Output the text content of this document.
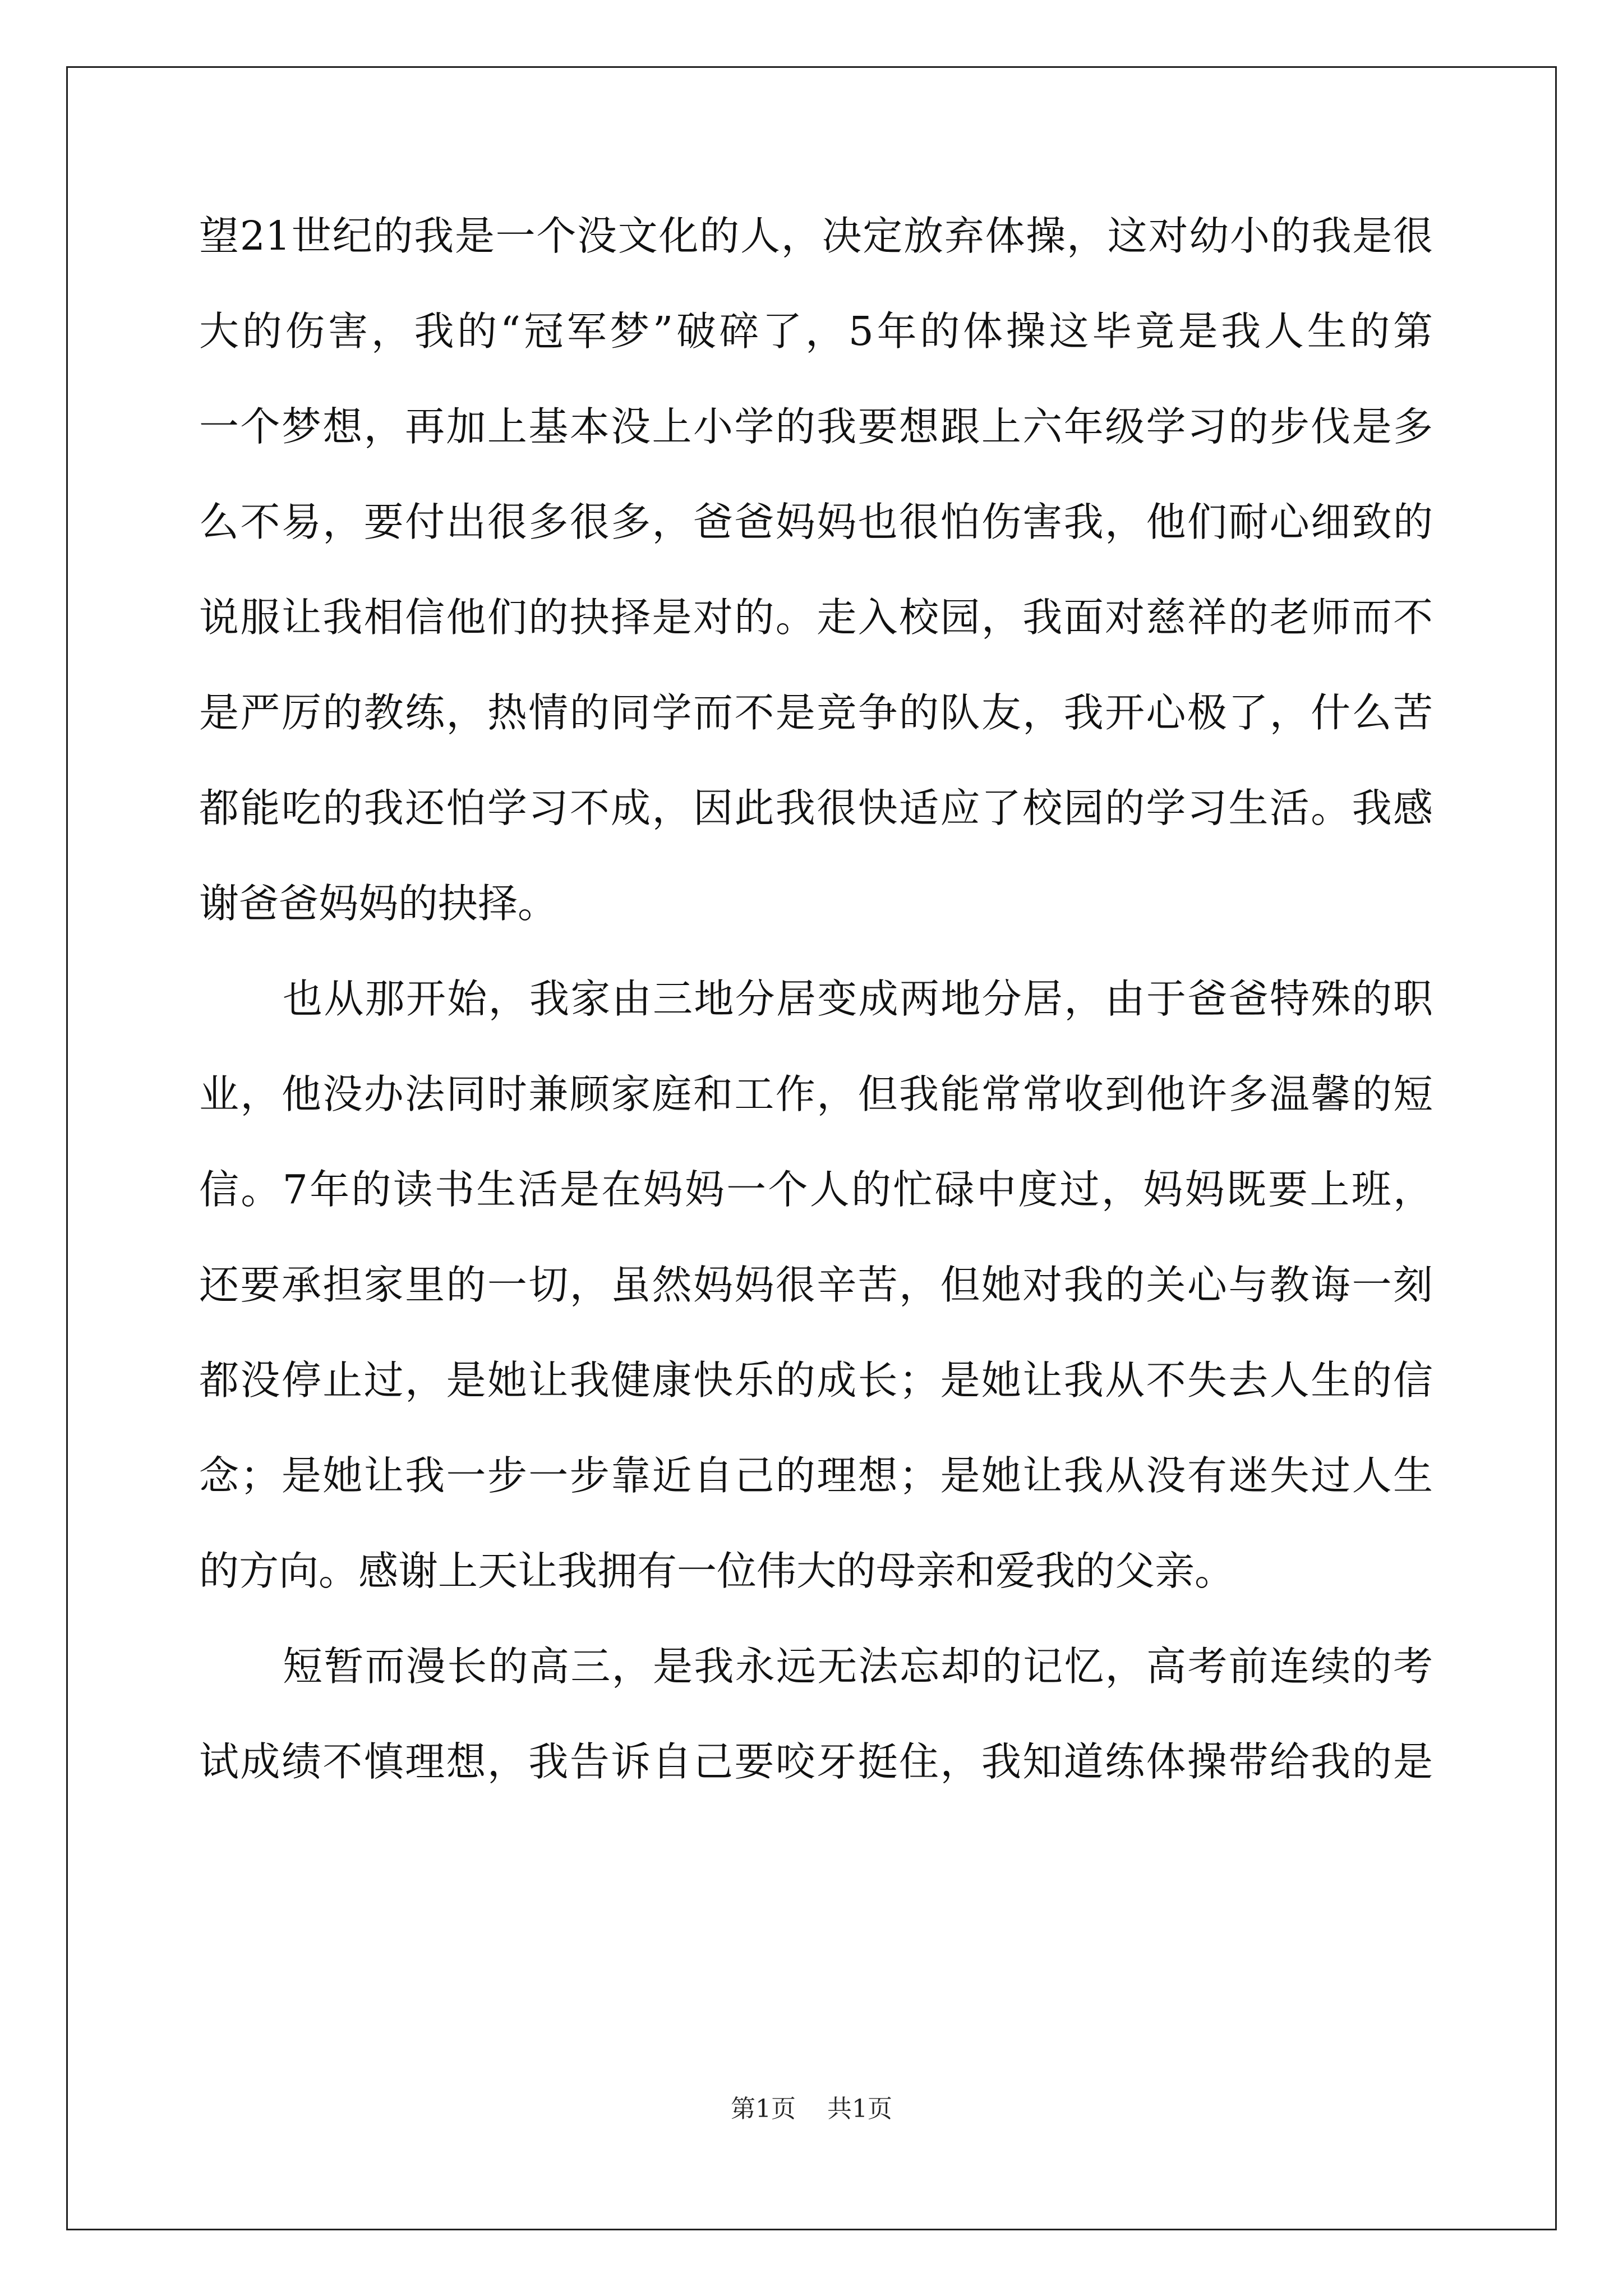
望21世纪的我是一个没文化的人，决定放弃体操，这对幼小的我是很
大的伤害，我的“冠军梦”破碎了，5年的体操这毕竟是我人生的第
一个梦想，再加上基本没上小学的我要想跟上六年级学习的步伐是多
么不易，要付出很多很多，爸爸妈妈也很怕伤害我，他们耐心细致的
说服让我相信他们的抉择是对的。走入校园，我面对慈祥的老师而不
是严厉的教练，热情的同学而不是竞争的队友，我开心极了，什么苦
都能吃的我还怕学习不成，因此我很快适应了校园的学习生活。我感
谢爸爸妈妈的抉择。
也从那开始，我家由三地分居变成两地分居，由于爸爸特殊的职
业，他没办法同时兼顾家庭和工作，但我能常常收到他许多温馨的短
信。7年的读书生活是在妈妈一个人的忙碌中度过，妈妈既要上班，
还要承担家里的一切，虽然妈妈很辛苦，但她对我的关心与教诲一刻
都没停止过，是她让我健康快乐的成长；是她让我从不失去人生的信
念；是她让我一步一步靠近自己的理想；是她让我从没有迷失过人生
的方向。感谢上天让我拥有一位伟大的母亲和爱我的父亲。
短暂而漫长的高三，是我永远无法忘却的记忆，高考前连续的考
试成绩不慎理想，我告诉自己要咬牙挺住，我知道练体操带给我的是
第1页 共1页
